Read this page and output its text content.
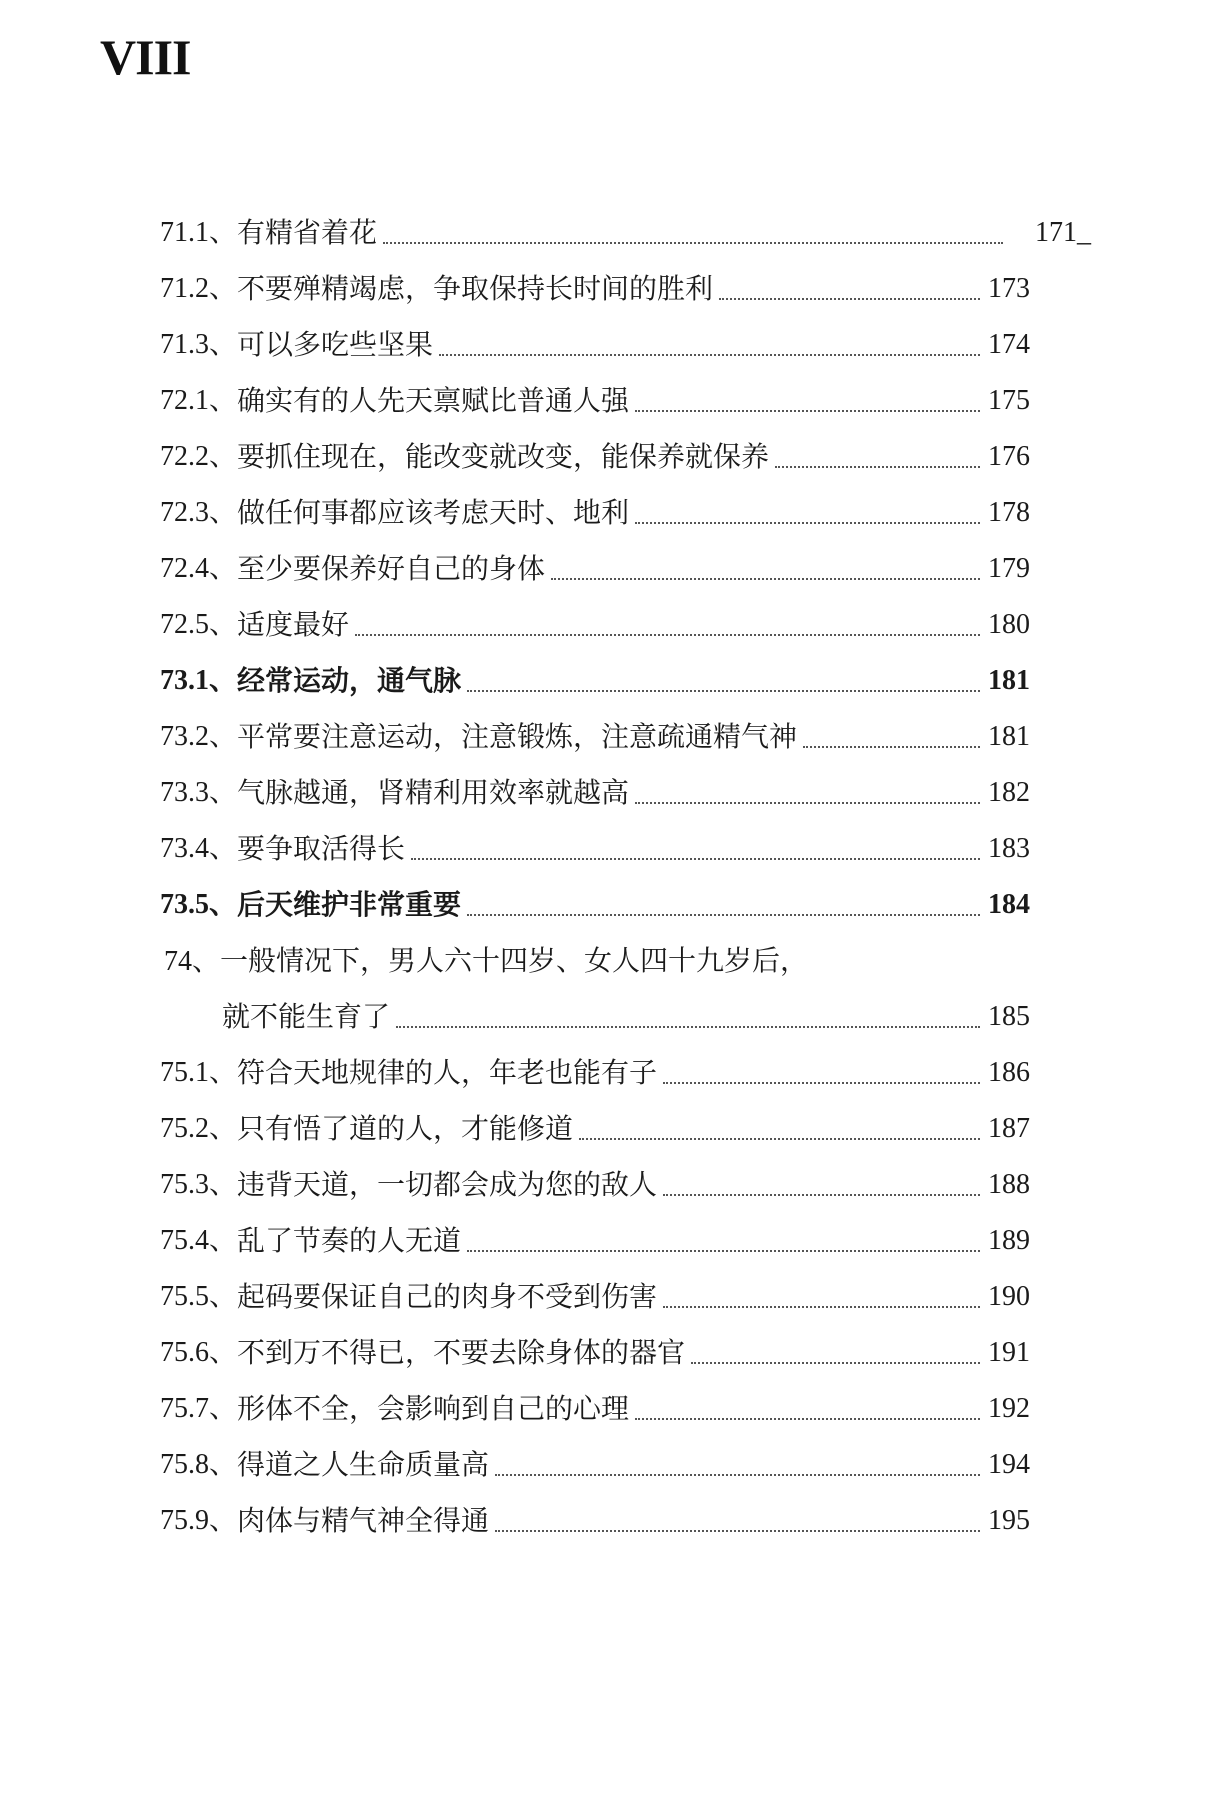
VIII
71.1、 有精省着花	171_
71.2、 不要殚精竭虑，争取保持长时间的胜利	173
71.3、 可以多吃些坚果	174
72.1、 确实有的人先天禀赋比普通人强	175
72.2、 要抓住现在，能改变就改变，能保养就保养	176
72.3、 做任何事都应该考虑天时、地利	178
72.4、 至少要保养好自己的身体	179
72.5、 适度最好	180
73.1、 经常运动，通气脉	181
73.2、 平常要注意运动，注意锻炼，注意疏通精气神	181
73.3、 气脉越通，肾精利用效率就越高	182
73.4、 要争取活得长	183
73.5、 后天维护非常重要	184
74、一般情况下，男人六十四岁、女人四十九岁后，
就不能生育了	185
75.1、 符合天地规律的人，年老也能有子	186
75.2、 只有悟了道的人，才能修道	187
75.3、 违背天道，一切都会成为您的敌人	188
75.4、 乱了节奏的人无道	189
75.5、 起码要保证自己的肉身不受到伤害	190
75.6、 不到万不得已，不要去除身体的器官	191
75.7、 形体不全，会影响到自己的心理	192
75.8、 得道之人生命质量高	194
75.9、 肉体与精气神全得通	195
